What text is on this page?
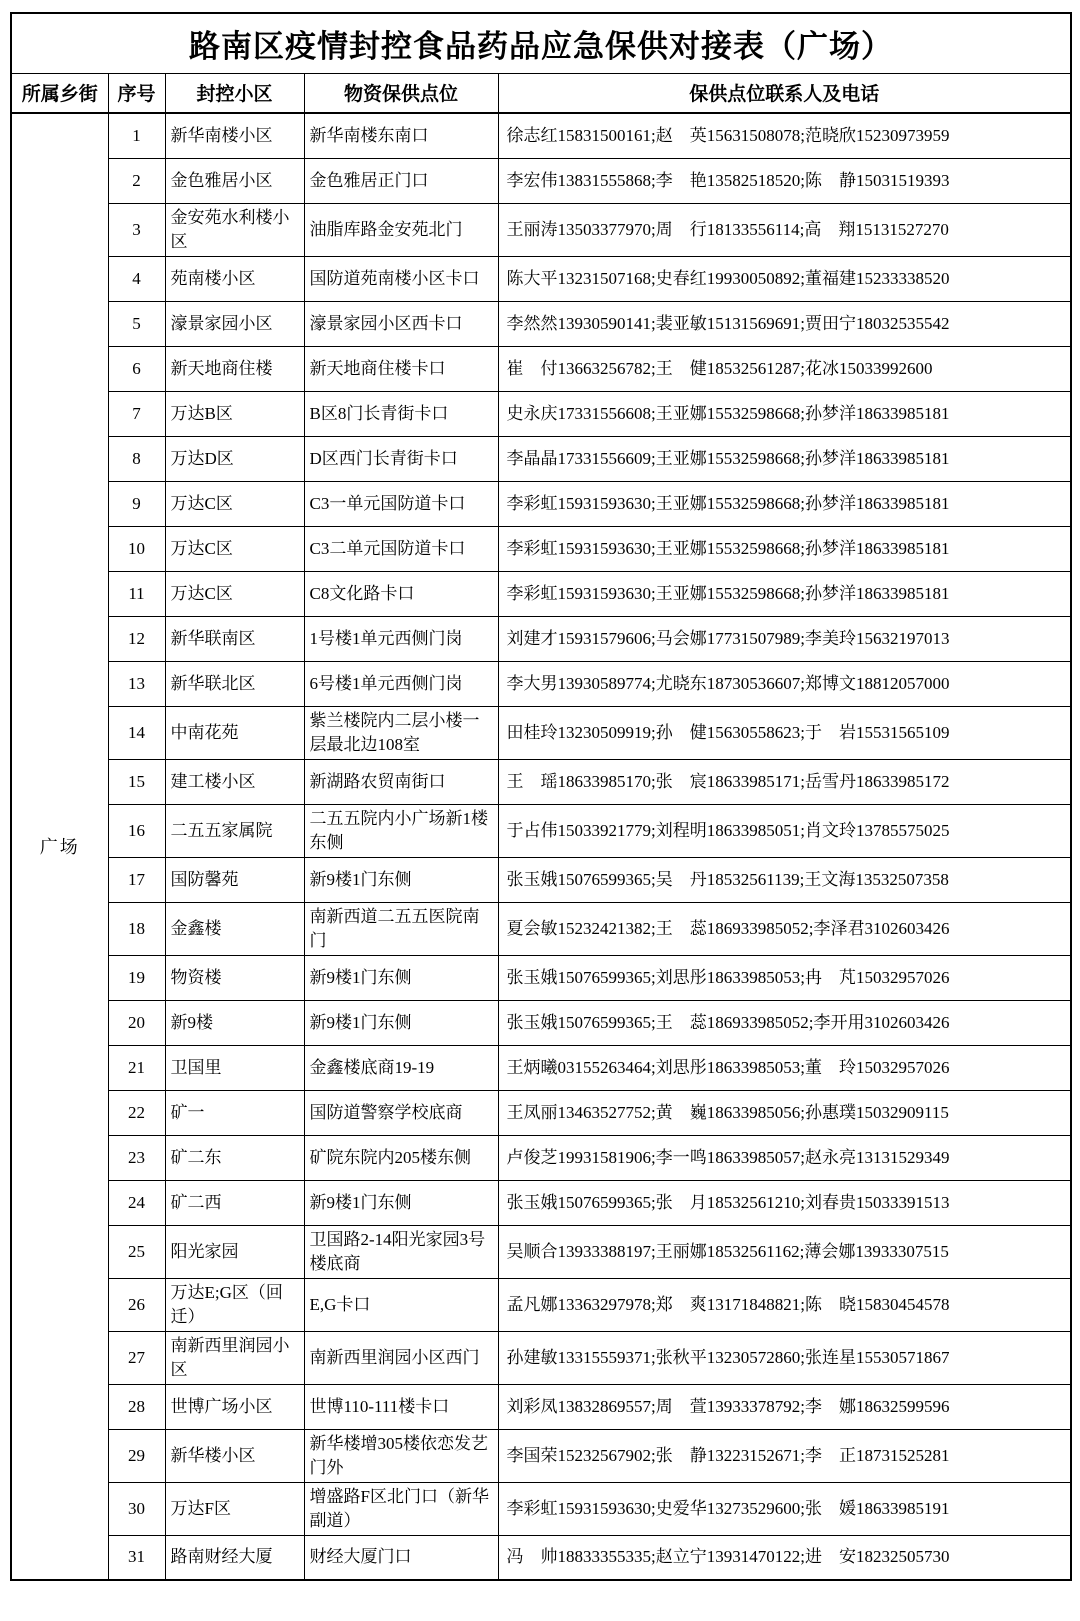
路南区疫情封控食品药品应急保供对接表（广场）				
所属乡街	序号	封控小区	物资保供点位	保供点位联系人及电话
广场	1	新华南楼小区	新华南楼东南口	徐志红15831500161;赵　英15631508078;范晓欣15230973959
	2	金色雅居小区	金色雅居正门口	李宏伟13831555868;李　艳13582518520;陈　静15031519393
	3	金安苑水利楼小区	油脂库路金安苑北门	王丽涛13503377970;周　行18133556114;高　翔15131527270
	4	苑南楼小区	国防道苑南楼小区卡口	陈大平13231507168;史春红19930050892;董福建15233338520
	5	濠景家园小区	濠景家园小区西卡口	李然然13930590141;裴亚敏15131569691;贾田宁18032535542
	6	新天地商住楼	新天地商住楼卡口	崔　付13663256782;王　健18532561287;花冰15033992600
	7	万达B区	B区8门长青街卡口	史永庆17331556608;王亚娜15532598668;孙梦洋18633985181
	8	万达D区	D区西门长青街卡口	李晶晶17331556609;王亚娜15532598668;孙梦洋18633985181
	9	万达C区	C3一单元国防道卡口	李彩虹15931593630;王亚娜15532598668;孙梦洋18633985181
	10	万达C区	C3二单元国防道卡口	李彩虹15931593630;王亚娜15532598668;孙梦洋18633985181
	11	万达C区	C8文化路卡口	李彩虹15931593630;王亚娜15532598668;孙梦洋18633985181
	12	新华联南区	1号楼1单元西侧门岗	刘建才15931579606;马会娜17731507989;李美玲15632197013
	13	新华联北区	6号楼1单元西侧门岗	李大男13930589774;尤晓东18730536607;郑博文18812057000
	14	中南花苑	紫兰楼院内二层小楼一层最北边108室	田桂玲13230509919;孙　健15630558623;于　岩15531565109
	15	建工楼小区	新湖路农贸南街口	王　瑶18633985170;张　宸18633985171;岳雪丹18633985172
	16	二五五家属院	二五五院内小广场新1楼东侧	于占伟15033921779;刘程明18633985051;肖文玲13785575025
	17	国防馨苑	新9楼1门东侧	张玉娥15076599365;吴　丹18532561139;王文海13532507358
	18	金鑫楼	南新西道二五五医院南门	夏会敏15232421382;王　蕊186933985052;李泽君3102603426
	19	物资楼	新9楼1门东侧	张玉娥15076599365;刘思彤18633985053;冉　芃15032957026
	20	新9楼	新9楼1门东侧	张玉娥15076599365;王　蕊186933985052;李开用3102603426
	21	卫国里	金鑫楼底商19-19	王炳曦03155263464;刘思彤18633985053;董　玲15032957026
	22	矿一	国防道警察学校底商	王凤丽13463527752;黄　巍18633985056;孙惠璞15032909115
	23	矿二东	矿院东院内205楼东侧	卢俊芝19931581906;李一鸣18633985057;赵永亮13131529349
	24	矿二西	新9楼1门东侧	张玉娥15076599365;张　月18532561210;刘春贵15033391513
	25	阳光家园	卫国路2-14阳光家园3号楼底商	吴顺合13933388197;王丽娜18532561162;薄会娜13933307515
	26	万达E;G区（回迁）	E,G卡口	孟凡娜13363297978;郑　爽13171848821;陈　晓15830454578
	27	南新西里润园小区	南新西里润园小区西门	孙建敏13315559371;张秋平13230572860;张连星15530571867
	28	世博广场小区	世博110-111楼卡口	刘彩凤13832869557;周　萱13933378792;李　娜18632599596
	29	新华楼小区	新华楼增305楼依恋发艺门外	李国荣15232567902;张　静13223152671;李　正18731525281
	30	万达F区	增盛路F区北门口（新华副道）	李彩虹15931593630;史爱华13273529600;张　媛18633985191
	31	路南财经大厦	财经大厦门口	冯　帅18833355335;赵立宁13931470122;进　安18232505730
